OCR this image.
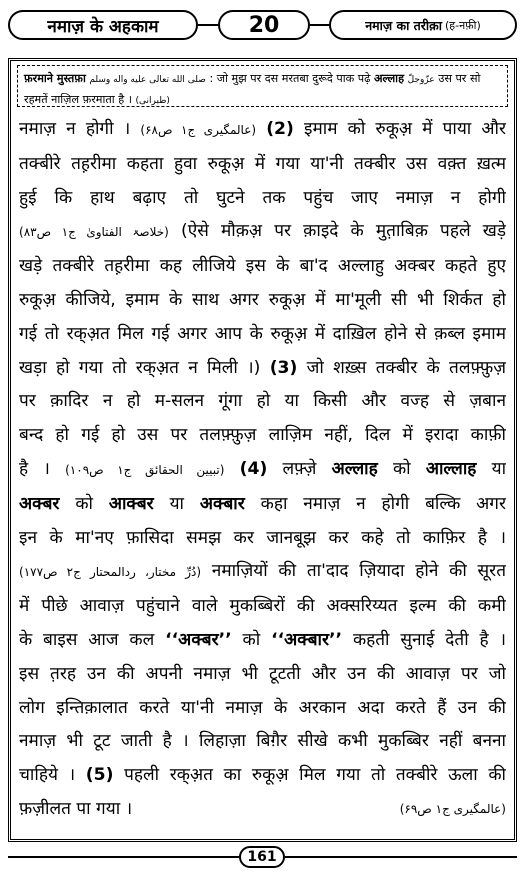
नमाज़ के अहकाम	20	नमाज़ का तरीक़ा (ह-नफ़ी)
फ़रमाने मुस्तफ़ा صلى الله تعالى عليه واله وسلم : जो मुझ पर दस मरतबा दुरूदे पाक पढ़े अल्लाह عزّوجلّ उस पर सो रहमतें नाज़िल फ़रमाता है । (طبرانی)
नमाज़ न होगी । (عالمگیری ج۱ ص۶۸) (2) इमाम को रुकूअ़ में पाया और
तक्बीरे तह़रीमा कहता हुवा रुकूअ़ में गया या'नी तक्बीर उस वक़्त ख़त्म
हुई कि हाथ बढ़ाए तो घुटने तक पहुंच जाए नमाज़ न होगी
(خلاصۃ الفتاویٰ ج۱ ص۸۳) (ऐसे मौक़अ़ पर क़ाइदे के मुत़ाबिक़ पहले खड़े
खड़े तक्बीरे तह़रीमा कह लीजिये इस के बा'द अल्लाहु अक्बर कहते हुए
रुकूअ़ कीजिये, इमाम के साथ अगर रुकूअ़ में मा'मूली सी भी शिर्कत हो
गई तो रक्अ़त मिल गई अगर आप के रुकूअ़ में दाख़िल होने से क़ब्ल इमाम
खड़ा हो गया तो रक्अ़त न मिली ।) (3) जो शख़्स तक्बीर के तलफ़्फ़ुज़
पर क़ादिर न हो म-सलन गूंगा हो या किसी और वज्ह से ज़बान
बन्द हो गई हो उस पर तलफ़्फ़ुज़ लाज़िम नहीं, दिल में इरादा काफ़ी
है । (تبیین الحقائق ج۱ ص۱۰۹) (4) लफ़्ज़े अल्लाह को आल्लाह या
अक्बर को आक्बर या अक्बार कहा नमाज़ न होगी बल्कि अगर
इन के मा'नए फ़ासिदा समझ कर जानबूझ कर कहे तो काफ़िर है ।
(دُرِّ مختار، ردالمحتار ج۲ ص۱۷۷) नमाज़ियों की ता'दाद ज़ियादा होने की सूरत
में पीछे आवाज़ पहुंचाने वाले मुकब्बिरों की अक्सरिय्यत इल्म की कमी
के बाइस आज कल ‘‘अक्बर’’ को ‘‘अक्बार’’ कहती सुनाई देती है ।
इस त़रह उन की अपनी नमाज़ भी टूटती और उन की आवाज़ पर जो
लोग इन्तिक़ालात करते या'नी नमाज़ के अरकान अदा करते हैं उन की
नमाज़ भी टूट जाती है । लिहाज़ा बिग़ैर सीखे कभी मुकब्बिर नहीं बनना
चाहिये । (5) पहली रक्अ़त का रुकूअ़ मिल गया तो तक्बीरे ऊला की
फ़ज़ीलत पा गया ।	(عالمگیری ج۱ ص۶۹)
161
